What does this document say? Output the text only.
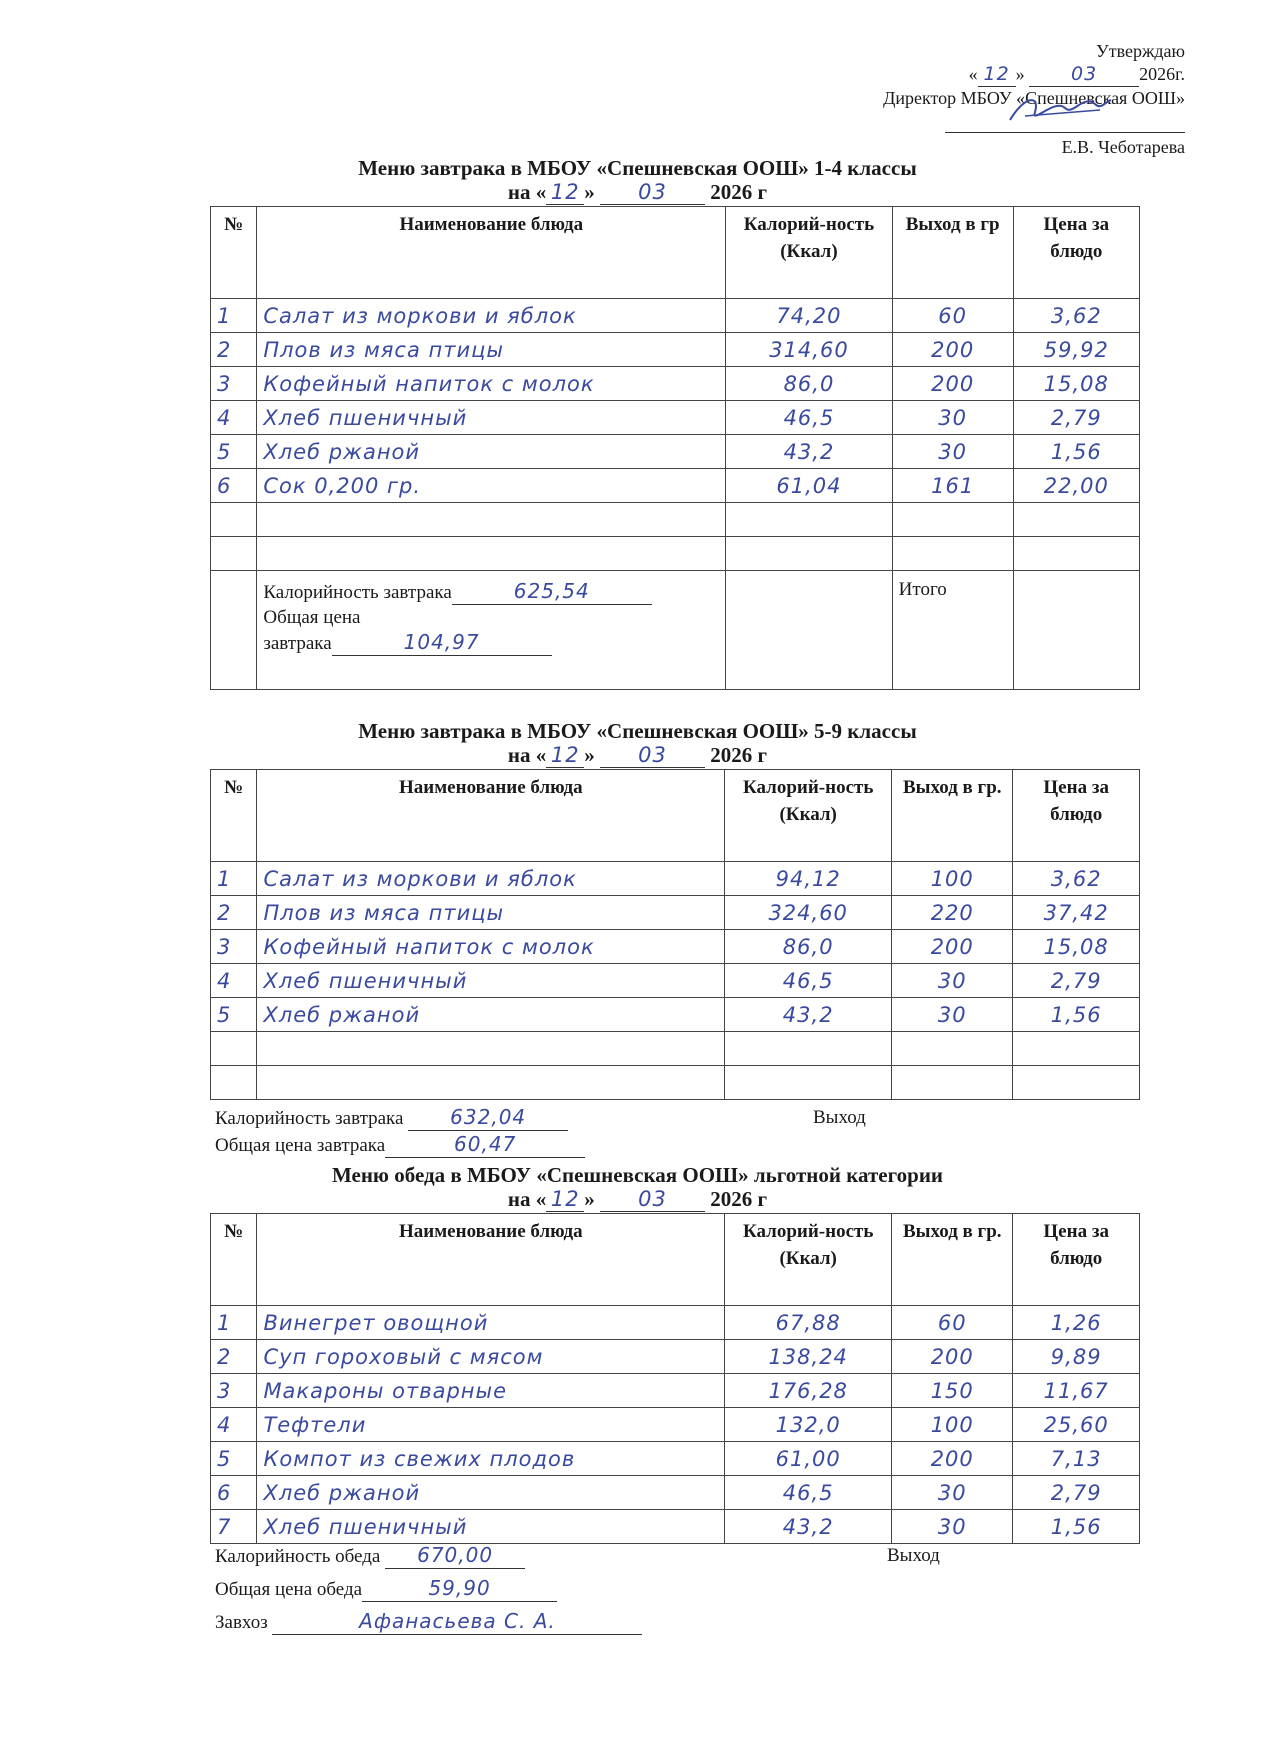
Утверждаю
« 12 » 03 2026г.
Директор МБОУ «Спешневская ООШ»
Е.В. Чеботарева
Меню завтрака в МБОУ «Спешневская ООШ» 1-4 классы
на « 12 » 03 2026 г
№	Наименование блюда	Калорий-ность (Ккал)	Выход в гр	Цена за блюдо
1	Салат из моркови и яблок	74,20	60	3,62
2	Плов из мяса птицы	314,60	200	59,92
3	Кофейный напиток с молок	86,0	200	15,08
4	Хлеб пшеничный	46,5	30	2,79
5	Хлеб ржаной	43,2	30	1,56
6	Сок 0,200 гр.	61,04	161	22,00

	Калорийность завтрака 625,54
Общая цена
завтрака 104,97		Итого	
Меню завтрака в МБОУ «Спешневская ООШ» 5-9 классы
на « 12 » 03 2026 г
№	Наименование блюда	Калорий-ность (Ккал)	Выход в гр.	Цена за блюдо
1	Салат из моркови и яблок	94,12	100	3,62
2	Плов из мяса птицы	324,60	220	37,42
3	Кофейный напиток с молок	86,0	200	15,08
4	Хлеб пшеничный	46,5	30	2,79
5	Хлеб ржаной	43,2	30	1,56

Калорийность завтрака 632,04	Выход
Общая цена завтрака	60,47
Меню обеда в МБОУ «Спешневская ООШ» льготной категории
на « 12 » 03 2026 г
№	Наименование блюда	Калорий-ность (Ккал)	Выход в гр.	Цена за блюдо
1	Винегрет овощной	67,88	60	1,26
2	Суп гороховый с мясом	138,24	200	9,89
3	Макароны отварные	176,28	150	11,67
4	Тефтели	132,0	100	25,60
5	Компот из свежих плодов	61,00	200	7,13
6	Хлеб ржаной	46,5	30	2,79
7	Хлеб пшеничный	43,2	30	1,56
Калорийность обеда 670,00	Выход
Общая цена обеда	59,90
Завхоз	Афанасьева С. А.
